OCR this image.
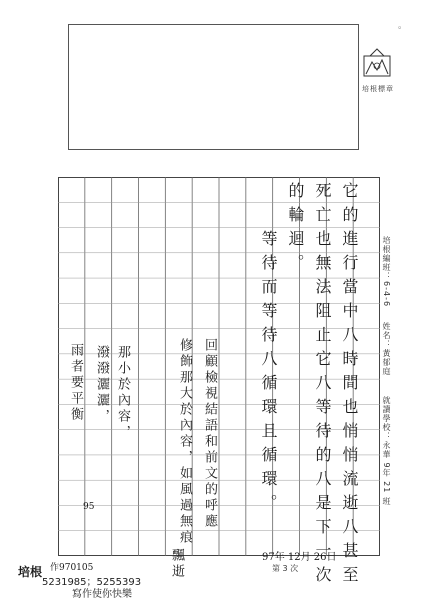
培根標章
。
培根編班：6-4-6
姓名：黃郁庭
就讀學校：永華 9年 21 班
它的進行當中八時間也悄悄流逝八甚至
死亡也無法阻止它八等待的八是下一次
的輪迴。
等待而等待八循環且循環。
回顧檢視結語和前文的呼應
修飾那大於內容，如風過無痕
那小於內容，
潑潑灑灑，
雨者要平衡
飄逝
95
培根 作970105
5231985；5255393
寫作使你快樂
97年 12月 26日
第 3 次
